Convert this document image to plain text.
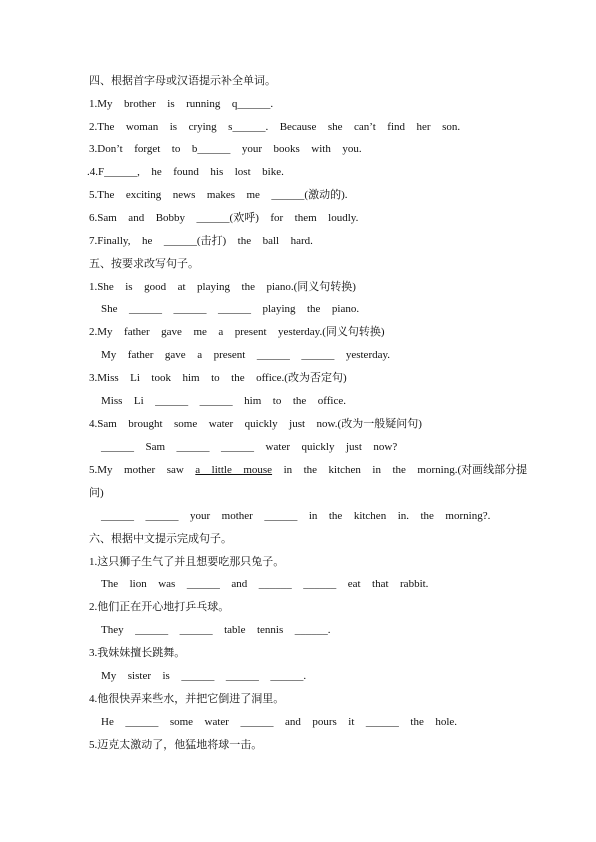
四、根据首字母或汉语提示补全单词。
1.My  brother  is  running  q______.
2.The  woman  is  crying  s______.  Because  she  can’t  find  her  son.
3.Don’t  forget  to  b______  your  books  with  you.
.4.F______,  he  found  his  lost  bike.
5.The  exciting  news  makes  me  ______(激动的).
6.Sam  and  Bobby  ______(欢呼)  for  them  loudly.
7.Finally,  he  ______(击打)  the  ball  hard.
五、按要求改写句子。
1.She  is  good  at  playing  the  piano.(同义句转换)
She  ______  ______  ______  playing  the  piano.
2.My  father  gave  me  a  present  yesterday.(同义句转换)
My  father  gave  a  present  ______  ______  yesterday.
3.Miss  Li  took  him  to  the  office.(改为否定句)
Miss  Li  ______  ______  him  to  the  office.
4.Sam  brought  some  water  quickly  just  now.(改为一般疑问句)
______  Sam  ______  ______  water  quickly  just  now?
5.My  mother  saw  a  little  mouse  in  the  kitchen  in  the  morning.(对画线部分提
问)
______  ______  your  mother  ______  in  the  kitchen  in.  the  morning?.
六、根据中文提示完成句子。
1.这只狮子生气了并且想要吃那只兔子。
The  lion  was  ______  and  ______  ______  eat  that  rabbit.
2.他们正在开心地打乒乓球。
They  ______  ______  table  tennis  ______.
3.我妹妹擅长跳舞。
My  sister  is  ______  ______  ______.
4.他很快弄来些水，并把它倒进了洞里。
He  ______  some  water  ______  and  pours  it  ______  the  hole.
5.迈克太激动了，他猛地将球一击。
